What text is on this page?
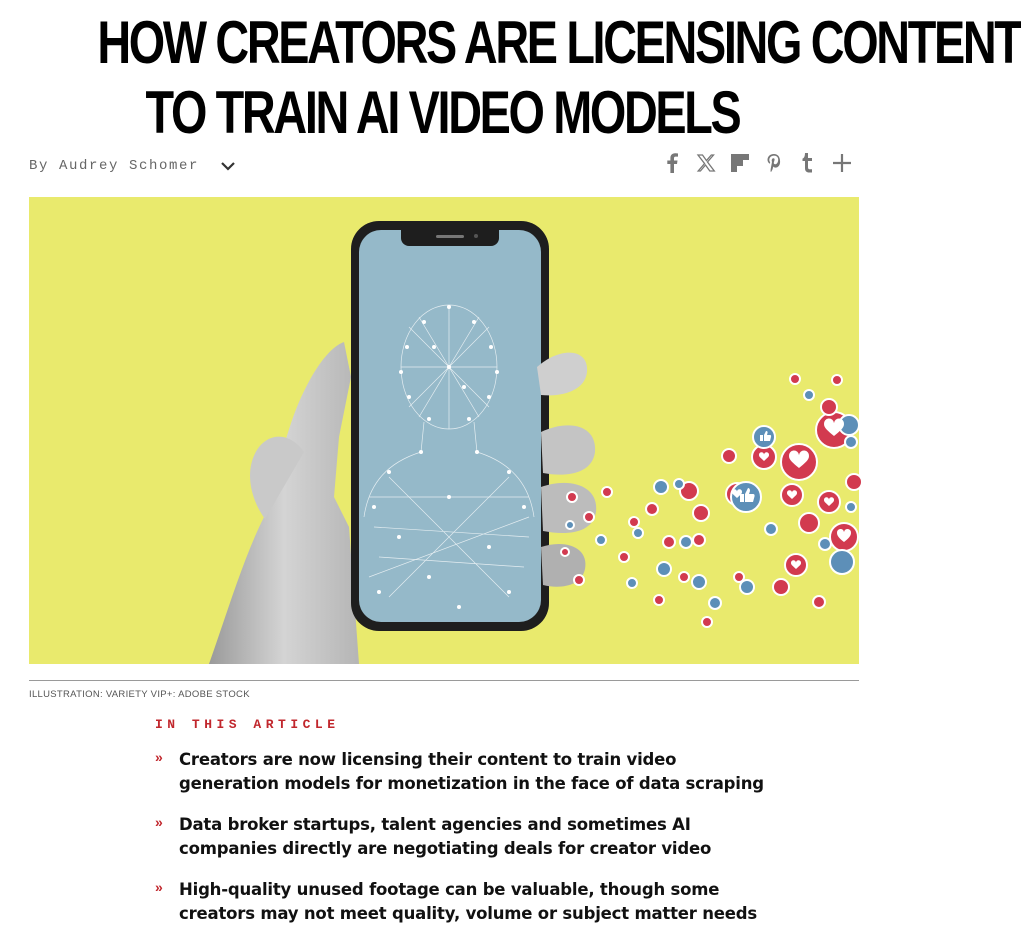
HOW CREATORS ARE LICENSING CONTENT
TO TRAIN AI VIDEO MODELS
By Audrey Schomer
ILLUSTRATION: VARIETY VIP+: ADOBE STOCK
IN THIS ARTICLE
» Creators are now licensing their content to train video generation models for monetization in the face of data scraping
» Data broker startups, talent agencies and sometimes AI companies directly are negotiating deals for creator video
» High-quality unused footage can be valuable, though some creators may not meet quality, volume or subject matter needs
